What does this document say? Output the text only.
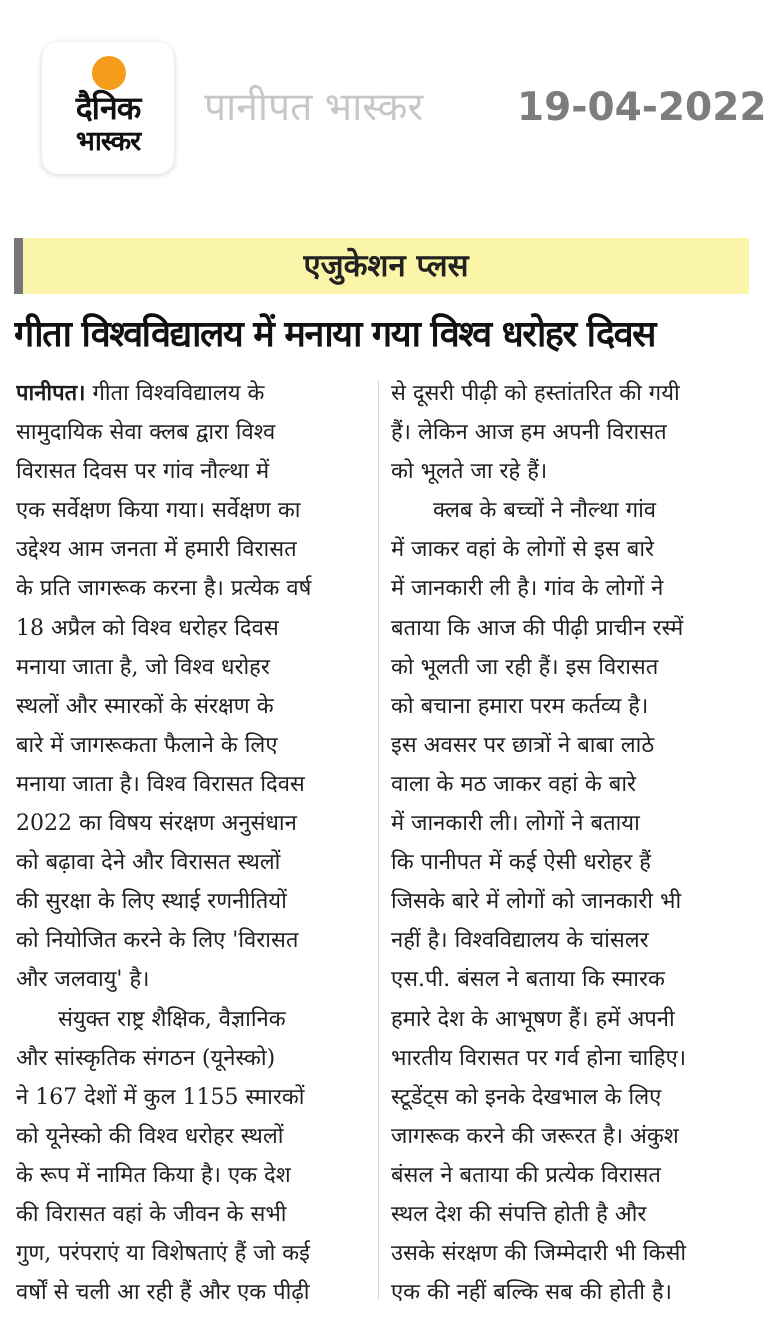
दैनिक
भास्कर
पानीपत भास्कर 19-04-2022
एजुकेशन प्लस
गीता विश्वविद्यालय में मनाया गया विश्व धरोहर दिवस
पानीपत। गीता विश्वविद्यालय के
सामुदायिक सेवा क्लब द्वारा विश्व
विरासत दिवस पर गांव नौल्था में
एक सर्वेक्षण किया गया। सर्वेक्षण का
उद्देश्य आम जनता में हमारी विरासत
के प्रति जागरूक करना है। प्रत्येक वर्ष
18 अप्रैल को विश्व धरोहर दिवस
मनाया जाता है, जो विश्व धरोहर
स्थलों और स्मारकों के संरक्षण के
बारे में जागरूकता फैलाने के लिए
मनाया जाता है। विश्व विरासत दिवस
2022 का विषय संरक्षण अनुसंधान
को बढ़ावा देने और विरासत स्थलों
की सुरक्षा के लिए स्थाई रणनीतियों
को नियोजित करने के लिए 'विरासत
और जलवायु' है।
संयुक्त राष्ट्र शैक्षिक, वैज्ञानिक
और सांस्कृतिक संगठन (यूनेस्को)
ने 167 देशों में कुल 1155 स्मारकों
को यूनेस्को की विश्व धरोहर स्थलों
के रूप में नामित किया है। एक देश
की विरासत वहां के जीवन के सभी
गुण, परंपराएं या विशेषताएं हैं जो कई
वर्षों से चली आ रही हैं और एक पीढ़ी
से दूसरी पीढ़ी को हस्तांतरित की गयी
हैं। लेकिन आज हम अपनी विरासत
को भूलते जा रहे हैं।
क्लब के बच्चों ने नौल्था गांव
में जाकर वहां के लोगों से इस बारे
में जानकारी ली है। गांव के लोगों ने
बताया कि आज की पीढ़ी प्राचीन रस्में
को भूलती जा रही हैं। इस विरासत
को बचाना हमारा परम कर्तव्य है।
इस अवसर पर छात्रों ने बाबा लाठे
वाला के मठ जाकर वहां के बारे
में जानकारी ली। लोगों ने बताया
कि पानीपत में कई ऐसी धरोहर हैं
जिसके बारे में लोगों को जानकारी भी
नहीं है। विश्वविद्यालय के चांसलर
एस.पी. बंसल ने बताया कि स्मारक
हमारे देश के आभूषण हैं। हमें अपनी
भारतीय विरासत पर गर्व होना चाहिए।
स्टूडेंट्स को इनके देखभाल के लिए
जागरूक करने की जरूरत है। अंकुश
बंसल ने बताया की प्रत्येक विरासत
स्थल देश की संपत्ति होती है और
उसके संरक्षण की जिम्मेदारी भी किसी
एक की नहीं बल्कि सब की होती है।
